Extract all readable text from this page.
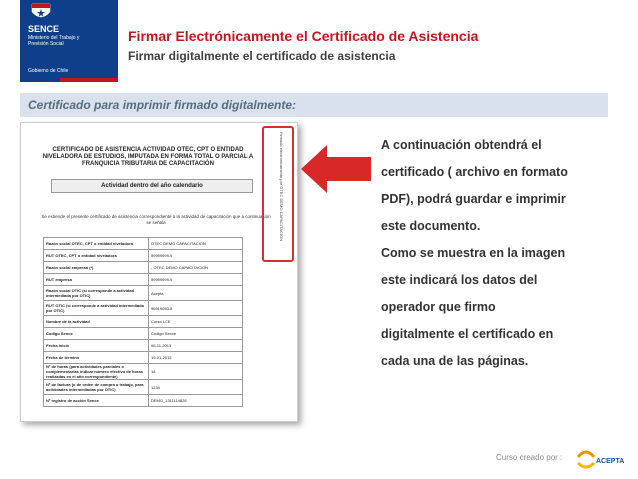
SENCE
Ministerio del Trabajo y Previsión Social
Gobierno de Chile
Firmar Electrónicamente el Certificado de Asistencia
Firmar digitalmente el certificado de asistencia
Certificado para imprimir firmado digitalmente:
CERTIFICADO DE ASISTENCIA ACTIVIDAD OTEC, CPT O ENTIDAD NIVELADORA DE ESTUDIOS, IMPUTADA EN FORMA TOTAL O PARCIAL A FRANQUICIA TRIBUTARIA DE CAPACITACIÓN
Actividad dentro del año calendario
Se extiende el presente certificado de asistencia correspondiente a la actividad de capacitación que a continuación se señala
Razón social OTEC, CPT o entidad niveladora	OTEC DEMO CAPACITACION
RUT OTEC, CPT o entidad niveladora	99999999-9
Razón social empresa (*)	- OTEC DEMO CAPACITACION
RUT empresa	99999999-9
Razón social OTIC (si corresponde a actividad intermediada por OTIC)	Acepta
RUT OTIC (si corresponde a actividad intermediada por OTIC)	96919050-8
Nombre de la actividad	Curso LCE
Código Sence	Código Sence
Fecha inicio	06-11-2013
Fecha de término	19-01-2015
Nº de horas (para actividades parciales o complementarias indicar número efectivo de horas realizadas en el año correspondiente)	18
Nº de factura (o de orden de compra o trabajo, para actividades intermediadas por OTIC)	1234
Nº registro de acción Sence	DEMO_1311114826
Firmado electrónicamente por OTEC DEMO CAPACITACION	A continuación obtendrá el
certificado ( archivo en formato
PDF), podrá guardar e imprimir
este documento.
Como se muestra en la imagen
este indicará los datos del
operador que firmo
digitalmente el certificado en
cada una de las páginas.

Curso creado por :	ACEPTA
